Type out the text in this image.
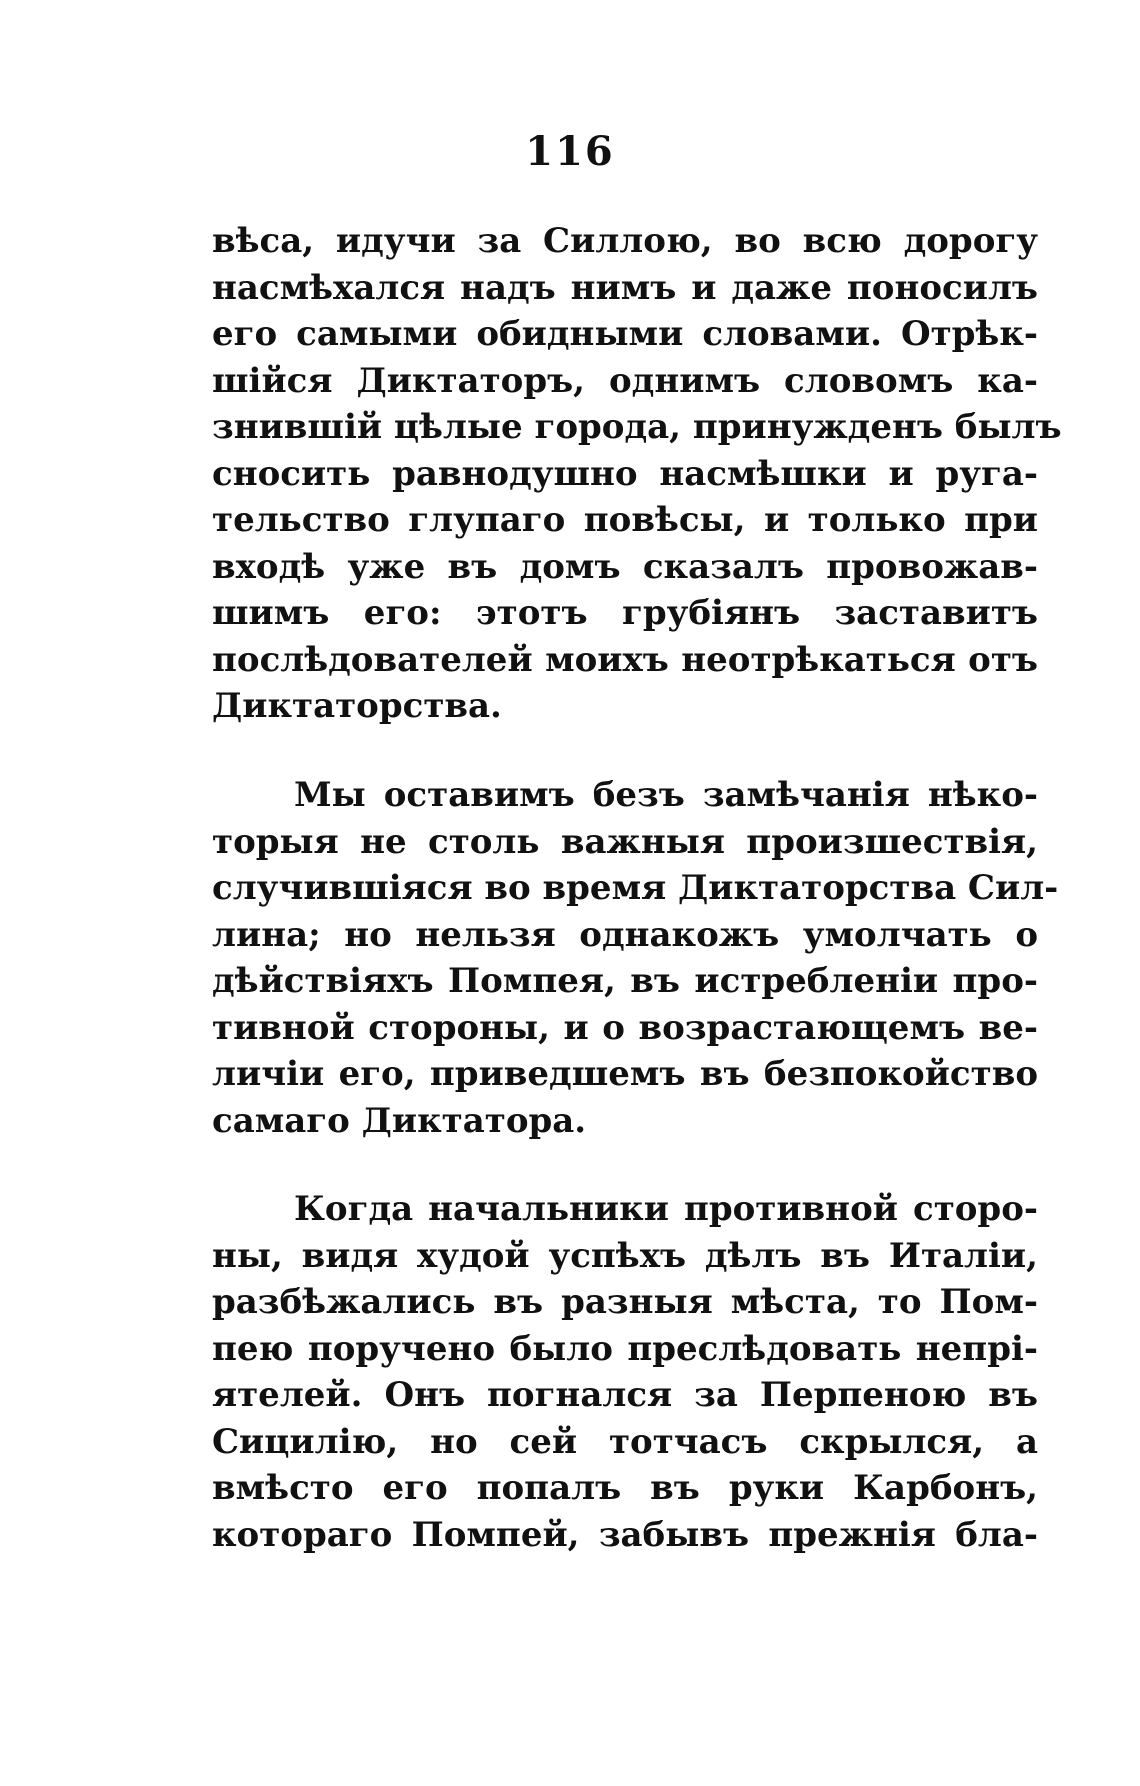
116
вѣса, идучи за Силлою, во всю дорогу
насмѣхался надъ нимъ и даже поносилъ
его самыми обидными словами. Отрѣк-
шійся Диктаторъ, однимъ словомъ ка-
знившій цѣлые города, принужденъ былъ
сносить равнодушно насмѣшки и руга-
тельство глупаго повѣсы, и только при
входѣ уже въ домъ сказалъ провожав-
шимъ его: этотъ грубіянъ заставитъ
послѣдователей моихъ неотрѣкаться отъ
Диктаторства.
Мы оставимъ безъ замѣчанія нѣко-
торыя не столь важныя произшествія,
случившіяся во время Диктаторства Сил-
лина; но нельзя однакожъ умолчать о
дѣйствіяхъ Помпея, въ истребленіи про-
тивной стороны, и о возрастающемъ ве-
личіи его, приведшемъ въ безпокойство
самаго Диктатора.
Когда начальники противной сторо-
ны, видя худой успѣхъ дѣлъ въ Италіи,
разбѣжались въ разныя мѣста, то Пом-
пею поручено было преслѣдовать непрі-
ятелей. Онъ погнался за Перпеною въ
Сицилію, но сей тотчасъ скрылся, а
вмѣсто его попалъ въ руки Карбонъ,
котораго Помпей, забывъ прежнія бла-
